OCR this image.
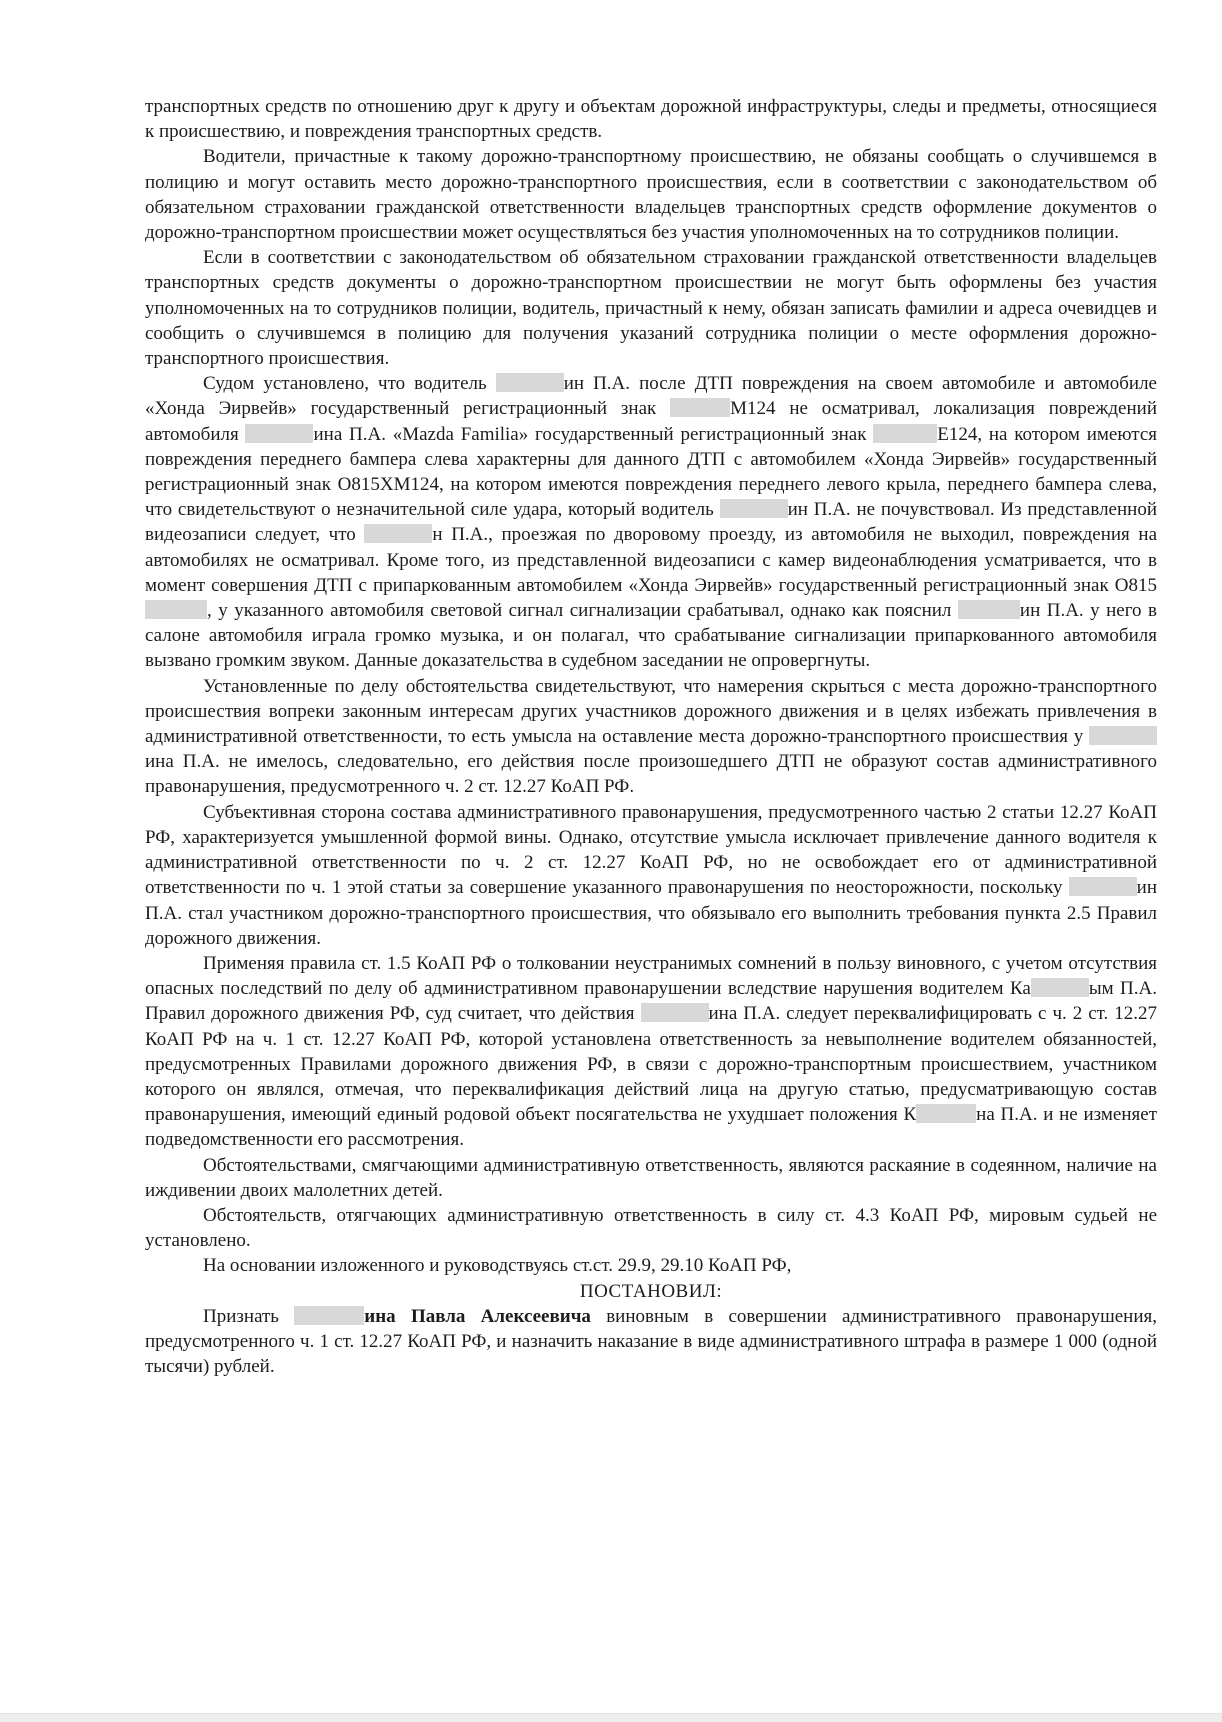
транспортных средств по отношению друг к другу и объектам дорожной инфраструктуры, следы и предметы, относящиеся к происшествию, и повреждения транспортных средств.

Водители, причастные к такому дорожно-транспортному происшествию, не обязаны сообщать о случившемся в полицию и могут оставить место дорожно-транспортного происшествия, если в соответствии с законодательством об обязательном страховании гражданской ответственности владельцев транспортных средств оформление документов о дорожно-транспортном происшествии может осуществляться без участия уполномоченных на то сотрудников полиции.

Если в соответствии с законодательством об обязательном страховании гражданской ответственности владельцев транспортных средств документы о дорожно-транспортном происшествии не могут быть оформлены без участия уполномоченных на то сотрудников полиции, водитель, причастный к нему, обязан записать фамилии и адреса очевидцев и сообщить о случившемся в полицию для получения указаний сотрудника полиции о месте оформления дорожно-транспортного происшествия.

Судом установлено, что водитель	ин П.А. после ДТП повреждения на своем автомобиле и автомобиле «Хонда Эирвейв» государственный регистрационный знак	М124 не осматривал, локализация повреждений автомобиля	ина П.А. «Mazda Familia» государственный регистрационный знак	Е124, на котором имеются повреждения переднего бампера слева характерны для данного ДТП с автомобилем «Хонда Эирвейв» государственный регистрационный знак О815ХМ124, на котором имеются повреждения переднего левого крыла, переднего бампера слева, что свидетельствуют о незначительной силе удара, который водитель	ин П.А. не почувствовал. Из представленной видеозаписи следует, что	н П.А., проезжая по дворовому проезду, из автомобиля не выходил, повреждения на автомобилях не осматривал. Кроме того, из представленной видеозаписи с камер видеонаблюдения усматривается, что в момент совершения ДТП с припаркованным автомобилем «Хонда Эирвейв» государственный регистрационный знак О815, у указанного автомобиля световой сигнал сигнализации срабатывал, однако как пояснил	ин П.А. у него в салоне автомобиля играла громко музыка, и он полагал, что срабатывание сигнализации припаркованного автомобиля вызвано громким звуком. Данные доказательства в судебном заседании не опровергнуты.

Установленные по делу обстоятельства свидетельствуют, что намерения скрыться с места дорожно-транспортного происшествия вопреки законным интересам других участников дорожного движения и в целях избежать привлечения в административной ответственности, то есть умысла на оставление места дорожно-транспортного происшествия у ина П.А. не имелось, следовательно, его действия после произошедшего ДТП не образуют состав административного правонарушения, предусмотренного ч. 2 ст. 12.27 КоАП РФ.

Субъективная сторона состава административного правонарушения, предусмотренного частью 2 статьи 12.27 КоАП РФ, характеризуется умышленной формой вины. Однако, отсутствие умысла исключает привлечение данного водителя к административной ответственности по ч. 2 ст. 12.27 КоАП РФ, но не освобождает его от административной ответственности по ч. 1 этой статьи за совершение указанного правонарушения по неосторожности, поскольку	ин П.А. стал участником дорожно-транспортного происшествия, что обязывало его выполнить требования пункта 2.5 Правил дорожного движения.

Применяя правила ст. 1.5 КоАП РФ о толковании неустранимых сомнений в пользу виновного, с учетом отсутствия опасных последствий по делу об административном правонарушении вследствие нарушения водителем Ка	ым П.А. Правил дорожного движения РФ, суд считает, что действия	ина П.А. следует переквалифицировать с ч. 2 ст. 12.27 КоАП РФ на ч. 1 ст. 12.27 КоАП РФ, которой установлена ответственность за невыполнение водителем обязанностей, предусмотренных Правилами дорожного движения РФ, в связи с дорожно-транспортным происшествием, участником которого он являлся, отмечая, что переквалификация действий лица на другую статью, предусматривающую состав правонарушения, имеющий единый родовой объект посягательства не ухудшает положения К	на П.А. и не изменяет подведомственности его рассмотрения.

Обстоятельствами, смягчающими административную ответственность, являются раскаяние в содеянном, наличие на иждивении двоих малолетних детей.

Обстоятельств, отягчающих административную ответственность в силу ст. 4.3 КоАП РФ, мировым судьей не установлено.

На основании изложенного и руководствуясь ст.ст. 29.9, 29.10 КоАП РФ,

ПОСТАНОВИЛ:

Признать	ина Павла Алексеевича виновным в совершении административного правонарушения, предусмотренного ч. 1 ст. 12.27 КоАП РФ, и назначить наказание в виде административного штрафа в размере 1 000 (одной тысячи) рублей.
